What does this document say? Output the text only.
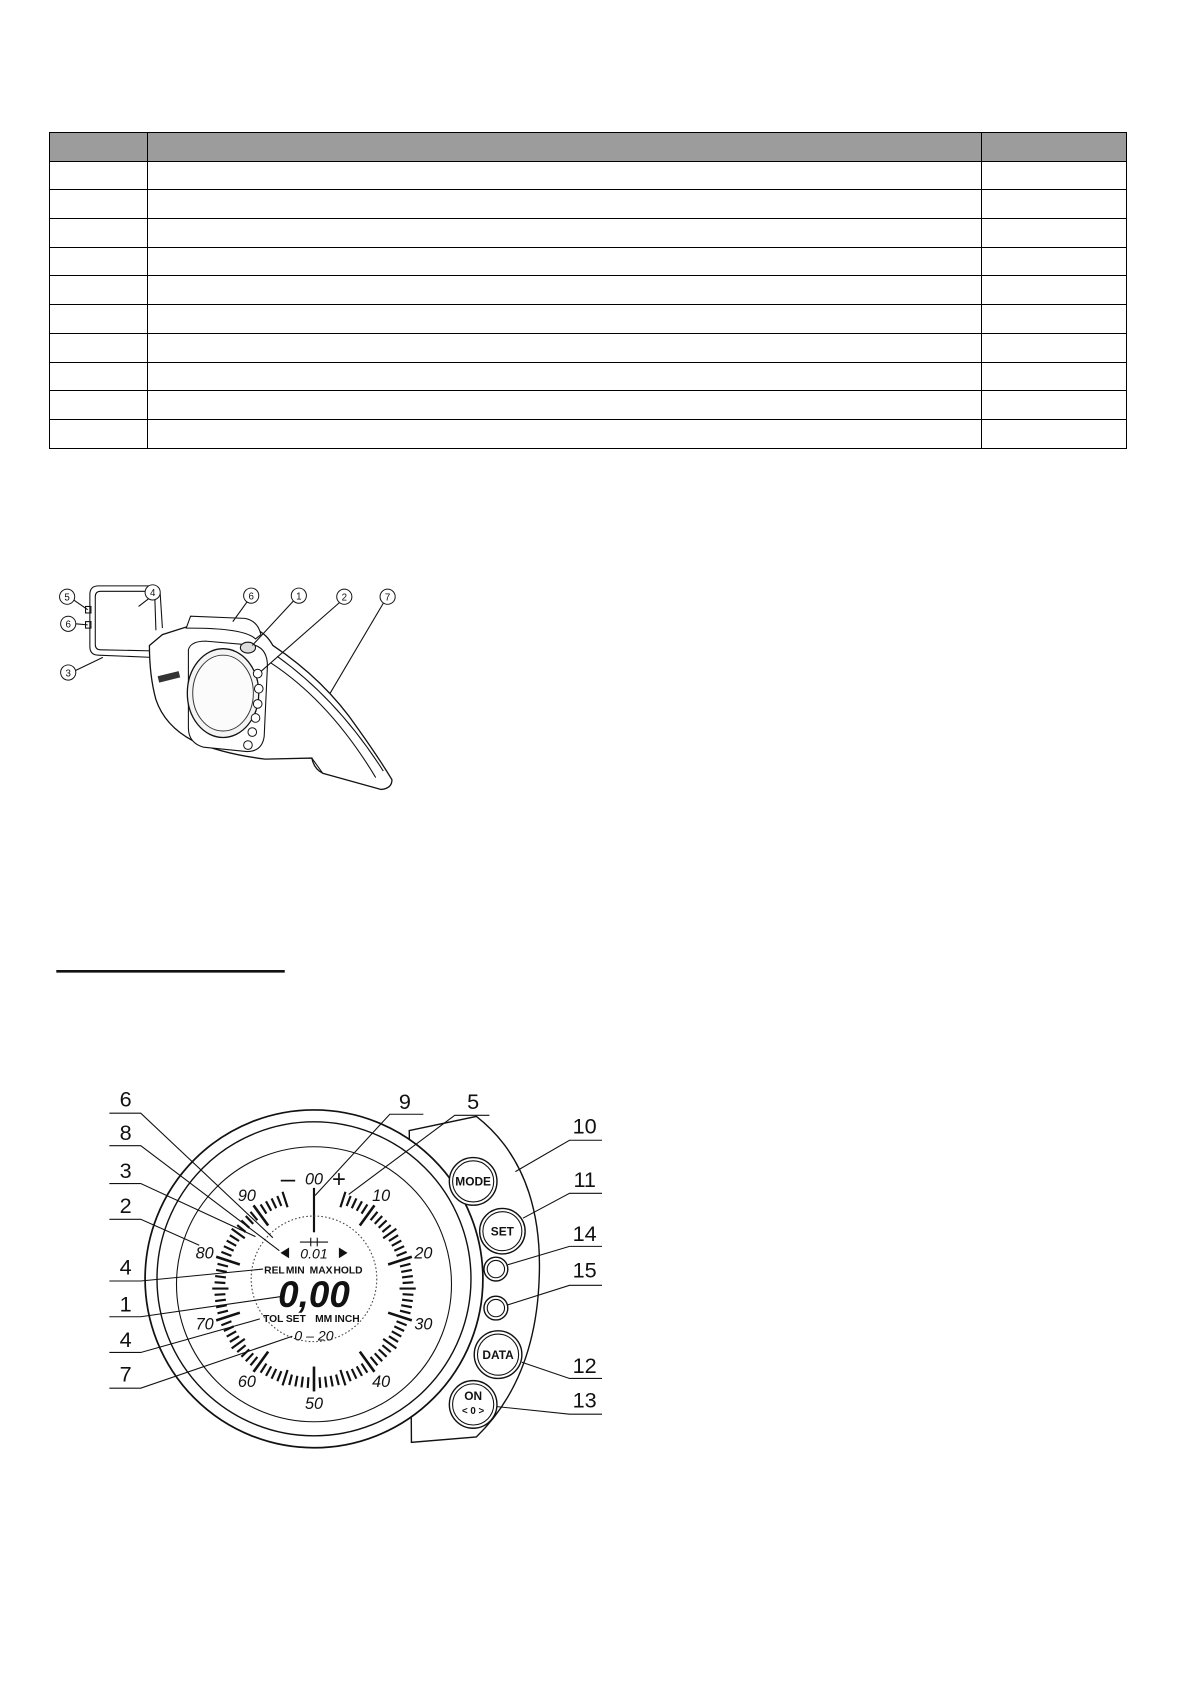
5	4	6	1	2	7
6
3
– 00 +
10
20
30
40
50
60
70
80
90
0.01
REL MIN MAX HOLD
0,00
TOL SET MM INCH
0 – 20
MODE
SET
DATA
ON
< 0 >
6
8
3
2
4
1
4
7
9	5
10
11
14
15
12
13
